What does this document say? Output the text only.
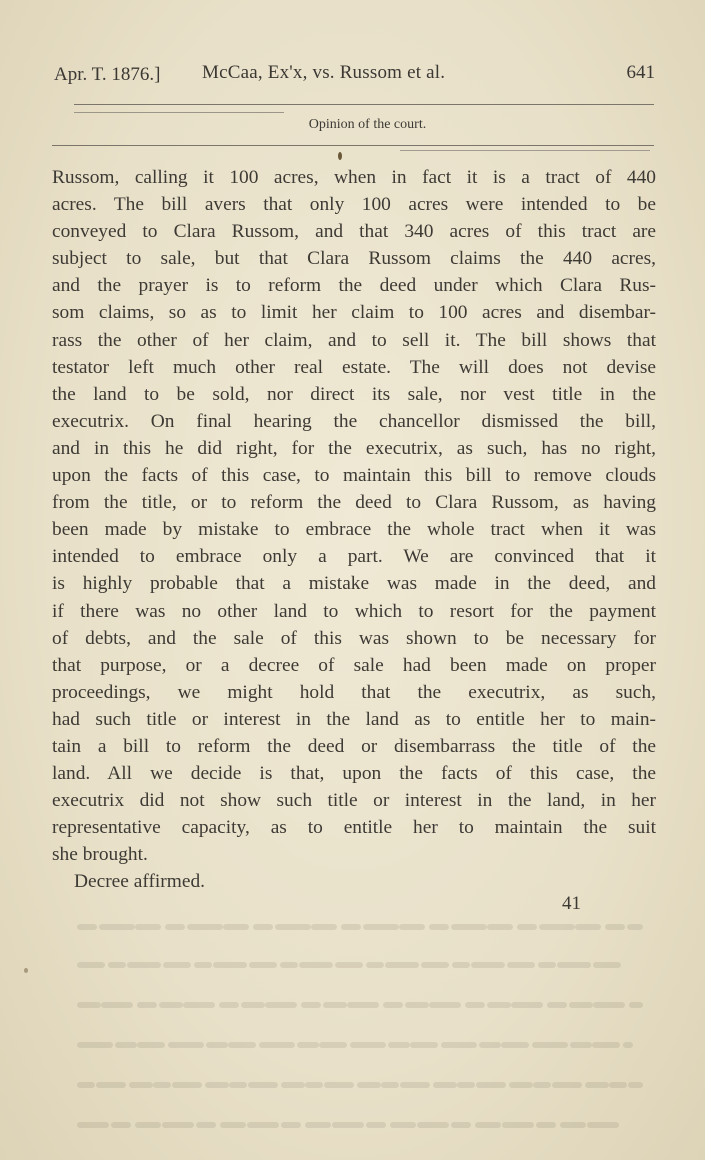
Apr. T. 1876.] McCaa, Ex'x, vs. Russom et al.	641
Opinion of the court.
Russom, calling it 100 acres, when in fact it is a tract of 440
acres. The bill avers that only 100 acres were intended to be
conveyed to Clara Russom, and that 340 acres of this tract are
subject to sale, but that Clara Russom claims the 440 acres,
and the prayer is to reform the deed under which Clara Rus-
som claims, so as to limit her claim to 100 acres and disembar-
rass the other of her claim, and to sell it. The bill shows that
testator left much other real estate. The will does not devise
the land to be sold, nor direct its sale, nor vest title in the
executrix. On final hearing the chancellor dismissed the bill,
and in this he did right, for the executrix, as such, has no right,
upon the facts of this case, to maintain this bill to remove clouds
from the title, or to reform the deed to Clara Russom, as having
been made by mistake to embrace the whole tract when it was
intended to embrace only a part. We are convinced that it
is highly probable that a mistake was made in the deed, and
if there was no other land to which to resort for the payment
of debts, and the sale of this was shown to be necessary for
that purpose, or a decree of sale had been made on proper
proceedings, we might hold that the executrix, as such,
had such title or interest in the land as to entitle her to main-
tain a bill to reform the deed or disembarrass the title of the
land. All we decide is that, upon the facts of this case, the
executrix did not show such title or interest in the land, in her
representative capacity, as to entitle her to maintain the suit
she brought.
Decree affirmed.
41
